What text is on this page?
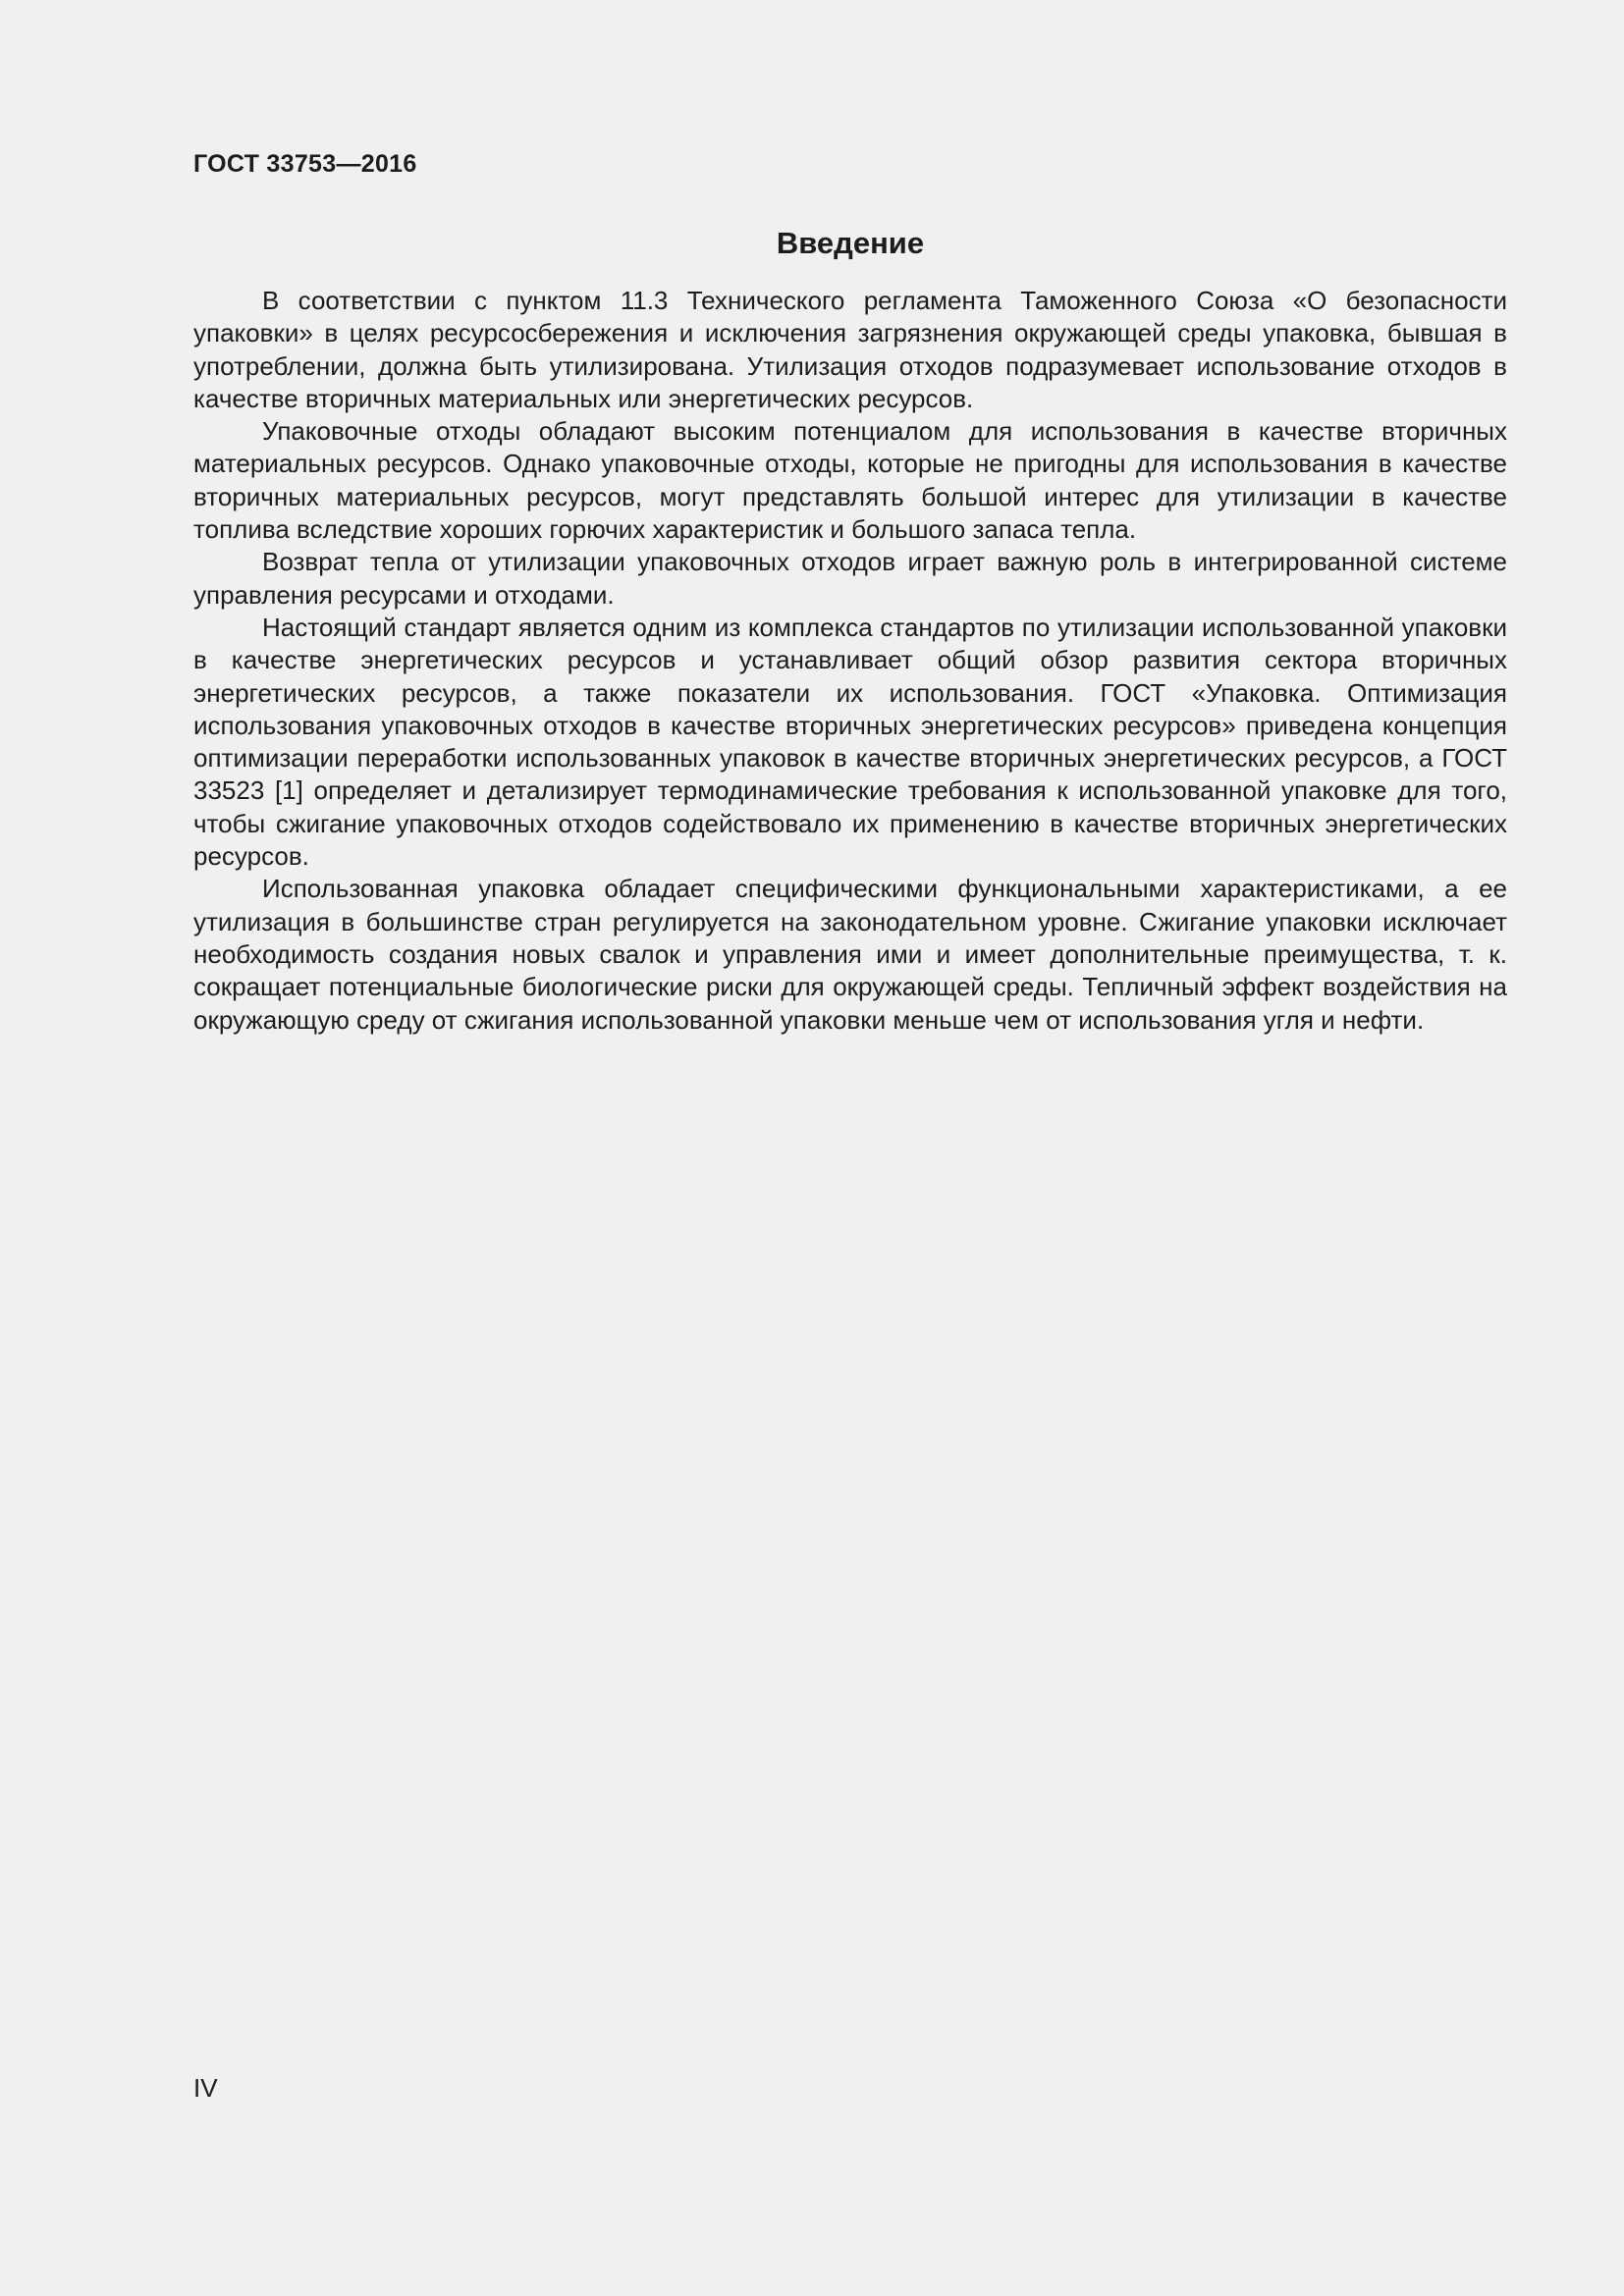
ГОСТ 33753—2016
Введение

В соответствии с пунктом 11.3 Технического регламента Таможенного Союза «О безопасности упаковки» в целях ресурсосбережения и исключения загрязнения окружающей среды упаковка, бывшая в употреблении, должна быть утилизирована. Утилизация отходов подразумевает использование отходов в качестве вторичных материальных или энергетических ресурсов.

Упаковочные отходы обладают высоким потенциалом для использования в качестве вторичных материальных ресурсов. Однако упаковочные отходы, которые не пригодны для использования в качестве вторичных материальных ресурсов, могут представлять большой интерес для утилизации в качестве топлива вследствие хороших горючих характеристик и большого запаса тепла.

Возврат тепла от утилизации упаковочных отходов играет важную роль в интегрированной системе управления ресурсами и отходами.

Настоящий стандарт является одним из комплекса стандартов по утилизации использованной упаковки в качестве энергетических ресурсов и устанавливает общий обзор развития сектора вторичных энергетических ресурсов, а также показатели их использования. ГОСТ «Упаковка. Оптимизация использования упаковочных отходов в качестве вторичных энергетических ресурсов» приведена концепция оптимизации переработки использованных упаковок в качестве вторичных энергетических ресурсов, а ГОСТ 33523 [1] определяет и детализирует термодинамические требования к использованной упаковке для того, чтобы сжигание упаковочных отходов содействовало их применению в качестве вторичных энергетических ресурсов.

Использованная упаковка обладает специфическими функциональными характеристиками, а ее утилизация в большинстве стран регулируется на законодательном уровне. Сжигание упаковки исключает необходимость создания новых свалок и управления ими и имеет дополнительные преимущества, т. к. сокращает потенциальные биологические риски для окружающей среды. Тепличный эффект воздействия на окружающую среду от сжигания использованной упаковки меньше чем от использования угля и нефти.

IV
